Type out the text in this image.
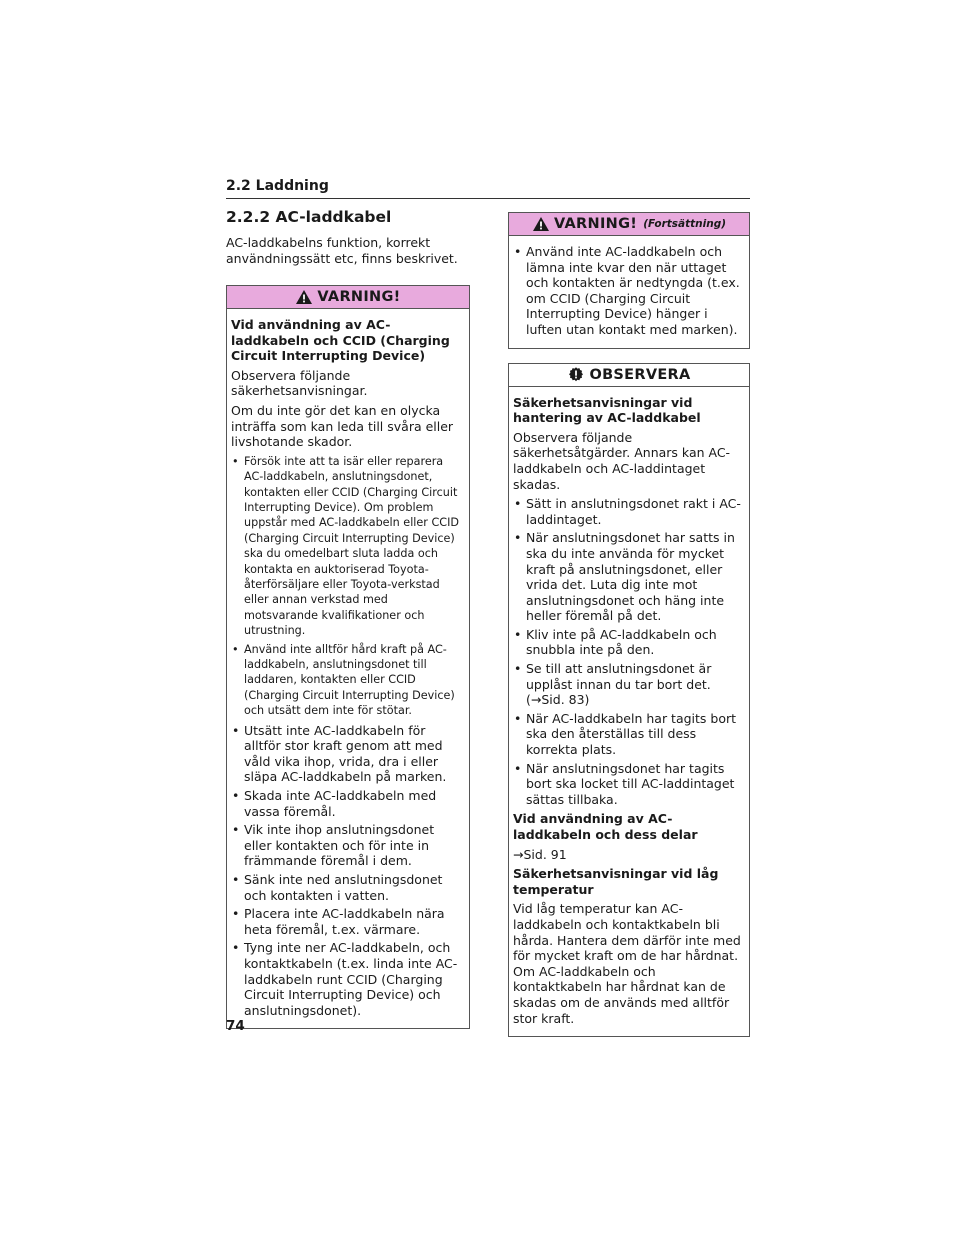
2.2 Laddning
2.2.2 AC-laddkabel
AC-laddkabelns funktion, korrekt användningssätt etc, finns beskrivet.
VARNING!

Vid användning av AC-laddkabeln och CCID (Charging Circuit Interrupting Device)

Observera följande säkerhetsanvisningar.

Om du inte gör det kan en olycka inträffa som kan leda till svåra eller livshotande skador.

• Försök inte att ta isär eller reparera AC-laddkabeln, anslutningsdonet, kontakten eller CCID (Charging Circuit Interrupting Device). Om problem uppstår med AC-laddkabeln eller CCID (Charging Circuit Interrupting Device) ska du omedelbart sluta ladda och kontakta en auktoriserad Toyota-återförsäljare eller Toyota-verkstad eller annan verkstad med motsvarande kvalifikationer och utrustning.
• Använd inte alltför hård kraft på AC-laddkabeln, anslutningsdonet till laddaren, kontakten eller CCID (Charging Circuit Interrupting Device) och utsätt dem inte för stötar.
• Utsätt inte AC-laddkabeln för alltför stor kraft genom att med våld vika ihop, vrida, dra i eller släpa AC-laddkabeln på marken.
• Skada inte AC-laddkabeln med vassa föremål.
• Vik inte ihop anslutningsdonet eller kontakten och för inte in främmande föremål i dem.
• Sänk inte ned anslutningsdonet och kontakten i vatten.
• Placera inte AC-laddkabeln nära heta föremål, t.ex. värmare.
• Tyng inte ner AC-laddkabeln, och kontaktkabeln (t.ex. linda inte AC-laddkabeln runt CCID (Charging Circuit Interrupting Device) och anslutningsdonet).
VARNING! (Fortsättning)
• Använd inte AC-laddkabeln och lämna inte kvar den när uttaget och kontakten är nedtyngda (t.ex. om CCID (Charging Circuit Interrupting Device) hänger i luften utan kontakt med marken).
OBSERVERA

Säkerhetsanvisningar vid hantering av AC-laddkabel

Observera följande säkerhetsåtgärder. Annars kan AC-laddkabeln och AC-laddintaget skadas.

• Sätt in anslutningsdonet rakt i AC-laddintaget.
• När anslutningsdonet har satts in ska du inte använda för mycket kraft på anslutningsdonet, eller vrida det. Luta dig inte mot anslutningsdonet och häng inte heller föremål på det.
• Kliv inte på AC-laddkabeln och snubbla inte på den.
• Se till att anslutningsdonet är upplåst innan du tar bort det. (→Sid. 83)
• När AC-laddkabeln har tagits bort ska den återställas till dess korrekta plats.
• När anslutningsdonet har tagits bort ska locket till AC-laddintaget sättas tillbaka.

Vid användning av AC-laddkabeln och dess delar

→Sid. 91

Säkerhetsanvisningar vid låg temperatur

Vid låg temperatur kan AC-laddkabeln och kontaktkabeln bli hårda. Hantera dem därför inte med för mycket kraft om de har hårdnat. Om AC-laddkabeln och kontaktkabeln har hårdnat kan de skadas om de används med alltför stor kraft.

74
